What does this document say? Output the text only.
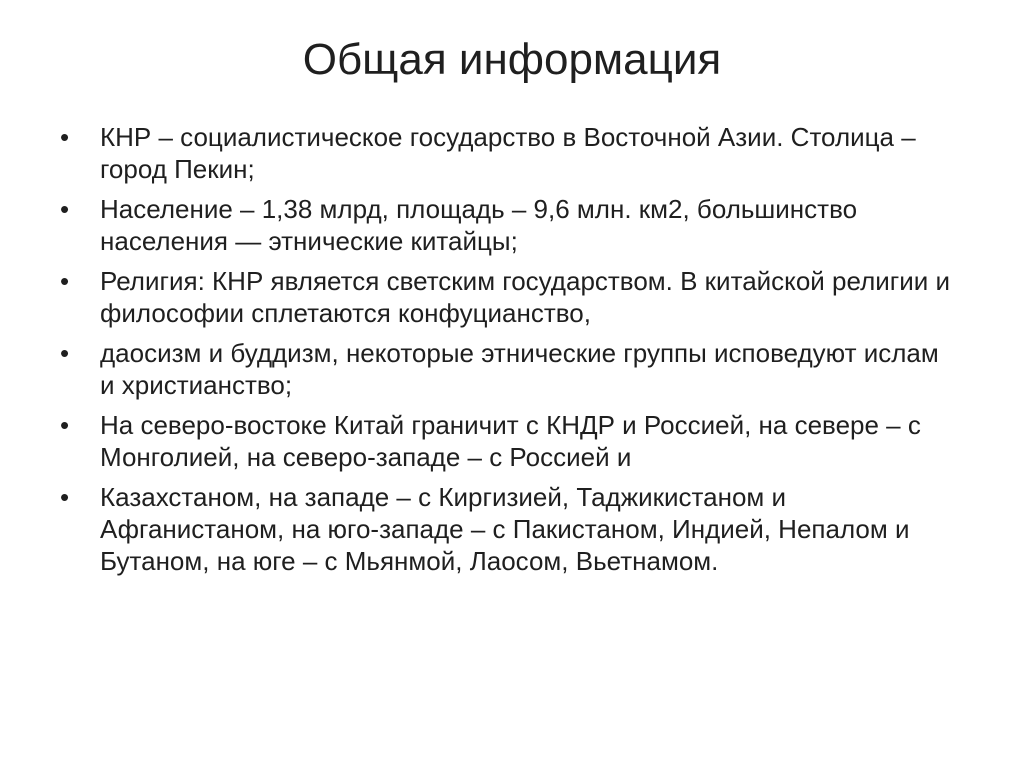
Общая информация
• КНР – социалистическое государство в Восточной Азии. Столица – город Пекин;
• Население – 1,38 млрд, площадь – 9,6 млн. км2, большинство населения — этнические китайцы;
• Религия: КНР является светским государством. В китайской религии и философии сплетаются конфуцианство,
• даосизм и буддизм, некоторые этнические группы исповедуют ислам и христианство;
• На северо-востоке Китай граничит с КНДР и Россией, на севере – с Монголией, на северо-западе – с Россией и
• Казахстаном, на западе – с Киргизией, Таджикистаном и Афганистаном, на юго-западе – с Пакистаном, Индией, Непалом и Бутаном, на юге – с Мьянмой, Лаосом, Вьетнамом.
